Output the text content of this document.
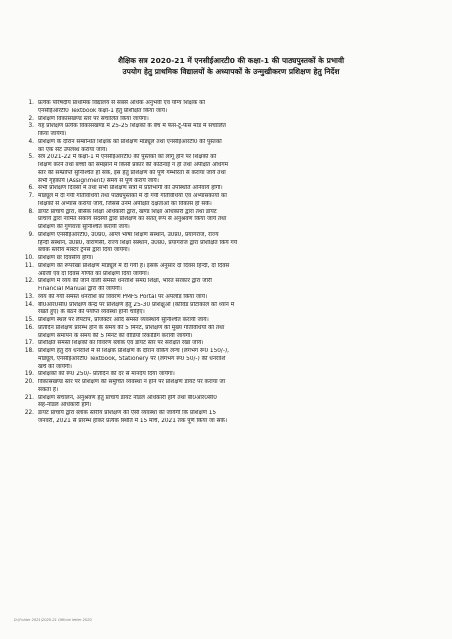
शैक्षिक सत्र 2020-21 में एनसीईआरटी0 की कक्षा-1 की पाठ्यपुस्तकों के प्रभावी
उपयोग हेतु प्राथमिक विद्यालयों के अध्यापकों के उन्मुखीकरण प्रशिक्षण हेतु निर्देश
1. प्रत्येक परिषदीय प्राथमिक विद्यालय से सबसे अधिक अनुभवी एवं योग्य शिक्षक को
एनसीईआरटी0 Textbook कक्षा-1 हेतु प्रशिक्षित किया जाये।
2. प्रशिक्षण विकासखण्ड स्तर पर संचालित किया जायेगा।
3. यह प्रशिक्षण प्रत्येक विकासखण्ड में 25-25 शिक्षकों के बैच में फेस-टू-फेस मोड में संचालित
किया जायेगा।
4. प्रशिक्षण के दौरान सम्बन्धित शिक्षक को प्रशिक्षण मॉड्यूल तथा एनसीईआरटी0 की पुस्तकों
का एक सेट उपलब्ध कराया जाये।
5. सत्र 2021-22 में कक्षा-1 में एनसीईआरटी0 की पुस्तकों को लागू होने पर शिक्षकों को
शिक्षण करने तथा बच्चों को समझाने में किसी प्रकार की कठिनाई न हो तथा अपेक्षित अधिगम
स्तर की सम्प्राप्ति सुनिश्चित हो सके, इस हेतु प्रशिक्षण को पूर्ण गम्भीरता से कराया जाये तथा
सभी गृहकार्य (Assignment) समय से पूर्ण कराये जायें।
6. सभी प्रशिक्षण दिवसों में तथा सभी प्रशिक्षण सत्रों में प्रतिभागी की उपस्थिति अनिवार्य होगी।
7. मॉड्यूल में दी गयी गतिविधियों तथा पाठ्यपुस्तकों में दी गयी गतिविधियों एवं अभ्यासकार्यों का
शिक्षकों से अभ्यास कराया जाये, जिससे उनमें अपेक्षित दक्षताओं का विकास हो सके।
8. डायट प्राचार्य द्वारा, बेसिक शिक्षा अधिकारी द्वारा, खण्ड शिक्षा अधिकारी द्वारा तथा डायट
प्राचार्य द्वारा नामित संकाय सदस्यों द्वारा प्रशिक्षण का सतत् रूप से अनुश्रवण किया जाये तथा
प्रशिक्षण की गुणवत्ता सुनिश्चित करायी जाये।
9. प्रशिक्षण एनसीईआरटी0, उ0प्र0, आंग्ल भाषा शिक्षण संस्थान, उ0प्र0, प्रयागराज, राज्य
हिन्दी संस्थान, उ0प्र0, वाराणसी, राज्य शिक्षा संस्थान, उ0प्र0, प्रयागराज द्वारा प्रशिक्षित किये गये
ब्लॉक स्तरीय मास्टर ट्रेनर्स द्वारा दिया जायेगा।
10. प्रशिक्षण छः दिवसीय होगा।
11. प्रशिक्षण की रूपरेखा प्रशिक्षण मॉड्यूल में दी गयी है। इसके अनुसार दो दिवस हिन्दी, दो दिवस
अंग्रेजी एवं दो दिवस गणित का प्रशिक्षण दिया जायेगा।
12. प्रशिक्षण में व्यय की जाने वाली समस्त धनराशि समग्र शिक्षा, भारत सरकार द्वारा जारी
Financial Manual द्वारा की जायेगी।
13. व्यय की गयी समस्त धनराशि का विवरण PMFS Portal पर अपलोड किया जाये।
14. बी0आर0सी0 प्रशिक्षण केन्द्र पर प्रशिक्षण हेतु 25-30 प्रशिक्षुओं (कोविड प्रोटाकॉल को ध्यान में
रखते हुए) के बैठने की पर्याप्त व्यवस्था होनी चाहिए।
15. प्रशिक्षण स्थल पर लैपटॉप, प्रोजेक्टर आदि समस्त व्यवस्थायें सुनिश्चित करायी जायें।
16. प्रतिदिन प्रशिक्षण प्रारम्भ होने के समय की 5 मिनट, प्रशिक्षण की मुख्य गतिविधियों की तथा
प्रशिक्षण समापन के समय की 5 मिनट की वीडियो रिकॉर्डिंग करायी जायेगी।
17. प्रशिक्षित समस्त शिक्षकों का विवरण ब्लॉक एवं डायट स्तर पर संरक्षित रखा जाये।
18. प्रशिक्षण हेतु देय धनराशि में से शिक्षक प्रशिक्षण के दौरान वर्किंग लन्च (लगभग रू0 150/-),
मॉड्यूल, एनसीईआरटी0 Textbook, Stationery पर (लगभग रू0 50/-) की धनराशि
खर्च की जायेगी।
19. प्रशिक्षकों को रू0 250/- प्रतिदिन की दर से मानदेय दिया जायेगा।
20. विकासखण्ड स्तर पर प्रशिक्षण की समुचित व्यवस्था न होने पर प्रशिक्षण डायट पर कराया जा
सकता है।
21. प्रशिक्षण संचालन, अनुश्रवण हेतु प्राचार्य डायट नोडल अधिकारी होंगे तथा बी0आर0सी0
सह-नोडल अधिकारी होंगे।
22. डायट प्राचार्य द्वारा ब्लॉक स्तरीय प्रशिक्षण की ऐसी व्यवस्था की जायेगी कि प्रशिक्षण 15
जनवरी, 2021 से प्रारम्भ होकर प्रत्येक स्थिति में 15 मार्च, 2021 तक पूर्ण किया जा सके।
D:\Folder 2021\2020-21 Official letter 2020
